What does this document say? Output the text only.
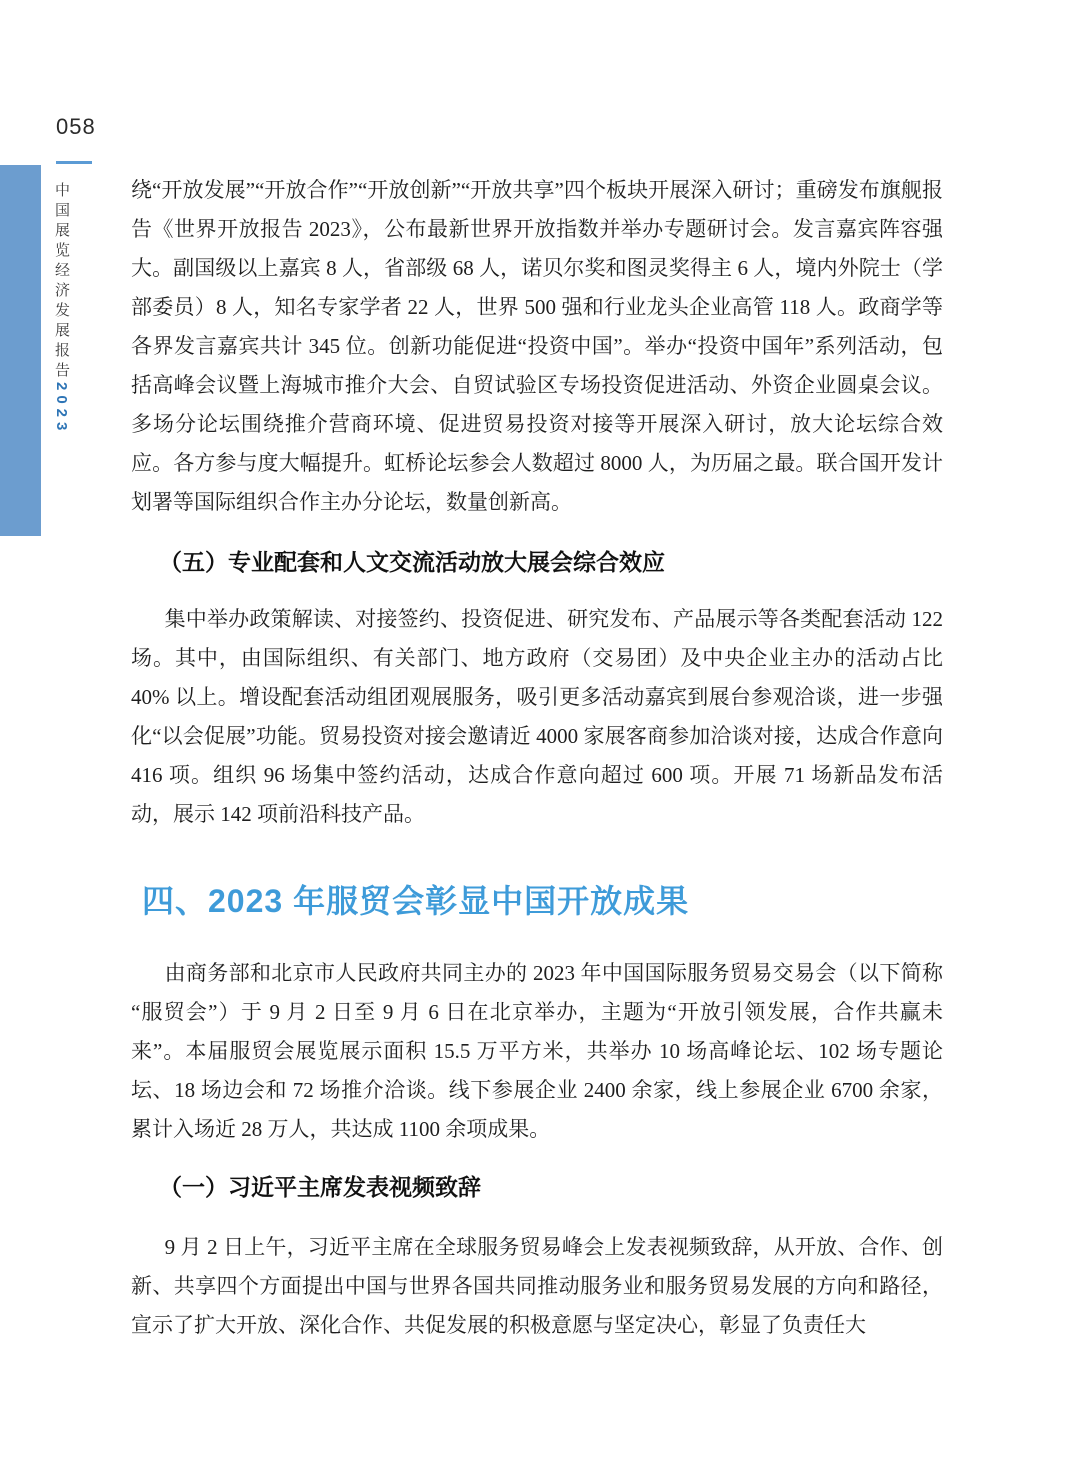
058
中国展览经济发展报告2023

绕“开放发展”“开放合作”“开放创新”“开放共享”四个板块开展深入研讨；重磅发布旗舰报告《世界开放报告 2023》，公布最新世界开放指数并举办专题研讨会。发言嘉宾阵容强大。副国级以上嘉宾 8 人，省部级 68 人，诺贝尔奖和图灵奖得主 6 人，境内外院士（学部委员）8 人，知名专家学者 22 人，世界 500 强和行业龙头企业高管 118 人。政商学等各界发言嘉宾共计 345 位。创新功能促进“投资中国”。举办“投资中国年”系列活动，包括高峰会议暨上海城市推介大会、自贸试验区专场投资促进活动、外资企业圆桌会议。多场分论坛围绕推介营商环境、促进贸易投资对接等开展深入研讨，放大论坛综合效应。各方参与度大幅提升。虹桥论坛参会人数超过 8000 人，为历届之最。联合国开发计划署等国际组织合作主办分论坛，数量创新高。

（五）专业配套和人文交流活动放大展会综合效应

集中举办政策解读、对接签约、投资促进、研究发布、产品展示等各类配套活动 122 场。其中，由国际组织、有关部门、地方政府（交易团）及中央企业主办的活动占比 40% 以上。增设配套活动组团观展服务，吸引更多活动嘉宾到展台参观洽谈，进一步强化“以会促展”功能。贸易投资对接会邀请近 4000 家展客商参加洽谈对接，达成合作意向 416 项。组织 96 场集中签约活动，达成合作意向超过 600 项。开展 71 场新品发布活动，展示 142 项前沿科技产品。

四、2023 年服贸会彰显中国开放成果

由商务部和北京市人民政府共同主办的 2023 年中国国际服务贸易交易会（以下简称“服贸会”）于 9 月 2 日至 9 月 6 日在北京举办，主题为“开放引领发展，合作共赢未来”。本届服贸会展览展示面积 15.5 万平方米，共举办 10 场高峰论坛、102 场专题论坛、18 场边会和 72 场推介洽谈。线下参展企业 2400 余家，线上参展企业 6700 余家，累计入场近 28 万人，共达成 1100 余项成果。

（一）习近平主席发表视频致辞

9 月 2 日上午，习近平主席在全球服务贸易峰会上发表视频致辞，从开放、合作、创新、共享四个方面提出中国与世界各国共同推动服务业和服务贸易发展的方向和路径，宣示了扩大开放、深化合作、共促发展的积极意愿与坚定决心，彰显了负责任大
